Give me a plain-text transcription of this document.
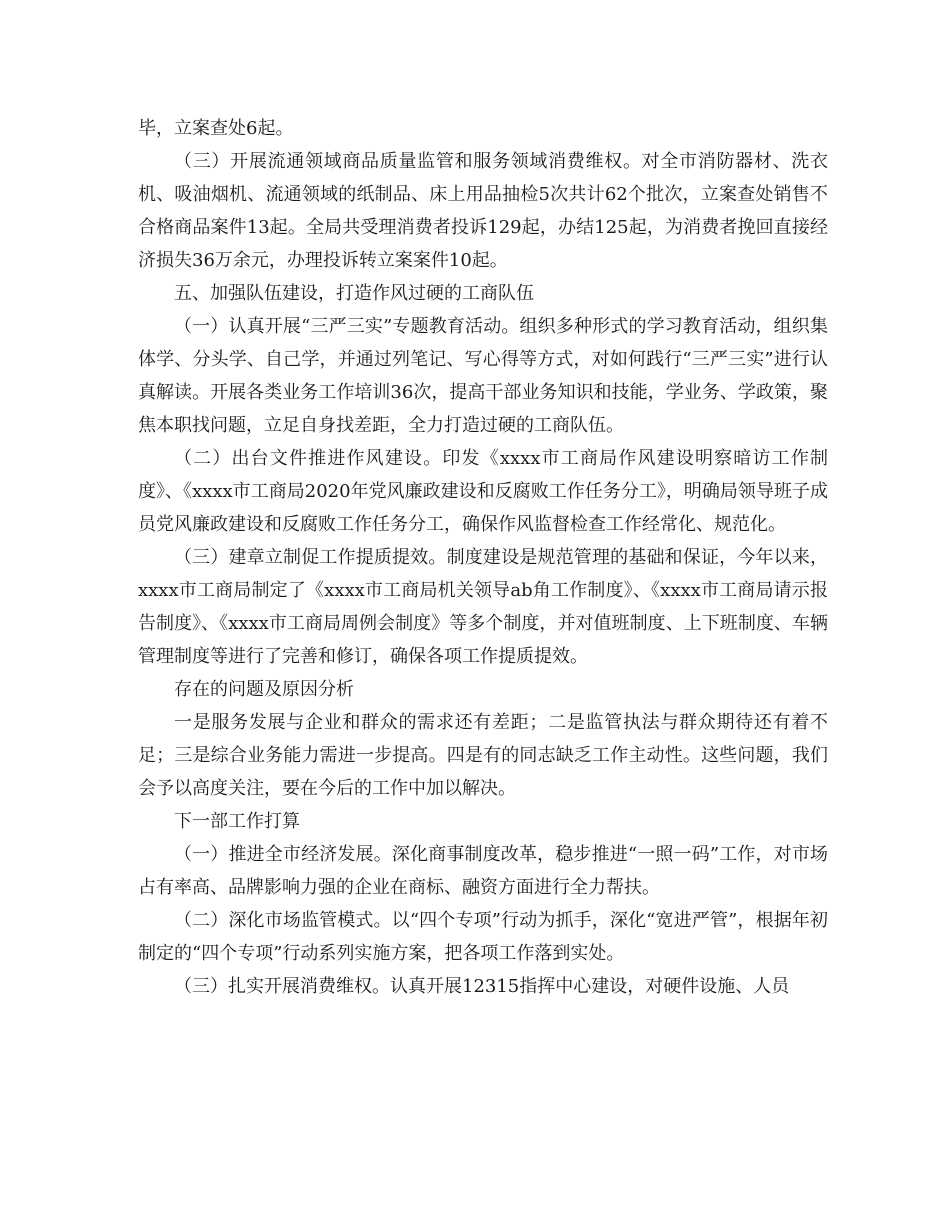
毕，立案查处6起。

（三）开展流通领域商品质量监管和服务领域消费维权。对全市消防器材、洗衣机、吸油烟机、流通领域的纸制品、床上用品抽检5次共计62个批次，立案查处销售不合格商品案件13起。全局共受理消费者投诉129起，办结125起，为消费者挽回直接经济损失36万余元，办理投诉转立案案件10起。

五、加强队伍建设，打造作风过硬的工商队伍

（一）认真开展“三严三实”专题教育活动。组织多种形式的学习教育活动，组织集体学、分头学、自己学，并通过列笔记、写心得等方式，对如何践行“三严三实”进行认真解读。开展各类业务工作培训36次，提高干部业务知识和技能，学业务、学政策，聚焦本职找问题，立足自身找差距，全力打造过硬的工商队伍。

（二）出台文件推进作风建设。印发《xxxx市工商局作风建设明察暗访工作制度》、《xxxx市工商局2020年党风廉政建设和反腐败工作任务分工》，明确局领导班子成员党风廉政建设和反腐败工作任务分工，确保作风监督检查工作经常化、规范化。

（三）建章立制促工作提质提效。制度建设是规范管理的基础和保证，今年以来，xxxx市工商局制定了《xxxx市工商局机关领导ab角工作制度》、《xxxx市工商局请示报告制度》、《xxxx市工商局周例会制度》等多个制度，并对值班制度、上下班制度、车辆管理制度等进行了完善和修订，确保各项工作提质提效。

存在的问题及原因分析

一是服务发展与企业和群众的需求还有差距；二是监管执法与群众期待还有着不足；三是综合业务能力需进一步提高。四是有的同志缺乏工作主动性。这些问题，我们会予以高度关注，要在今后的工作中加以解决。

下一部工作打算

（一）推进全市经济发展。深化商事制度改革，稳步推进“一照一码”工作，对市场占有率高、品牌影响力强的企业在商标、融资方面进行全力帮扶。

（二）深化市场监管模式。以“四个专项”行动为抓手，深化“宽进严管”，根据年初制定的“四个专项”行动系列实施方案，把各项工作落到实处。

（三）扎实开展消费维权。认真开展12315指挥中心建设，对硬件设施、人员
